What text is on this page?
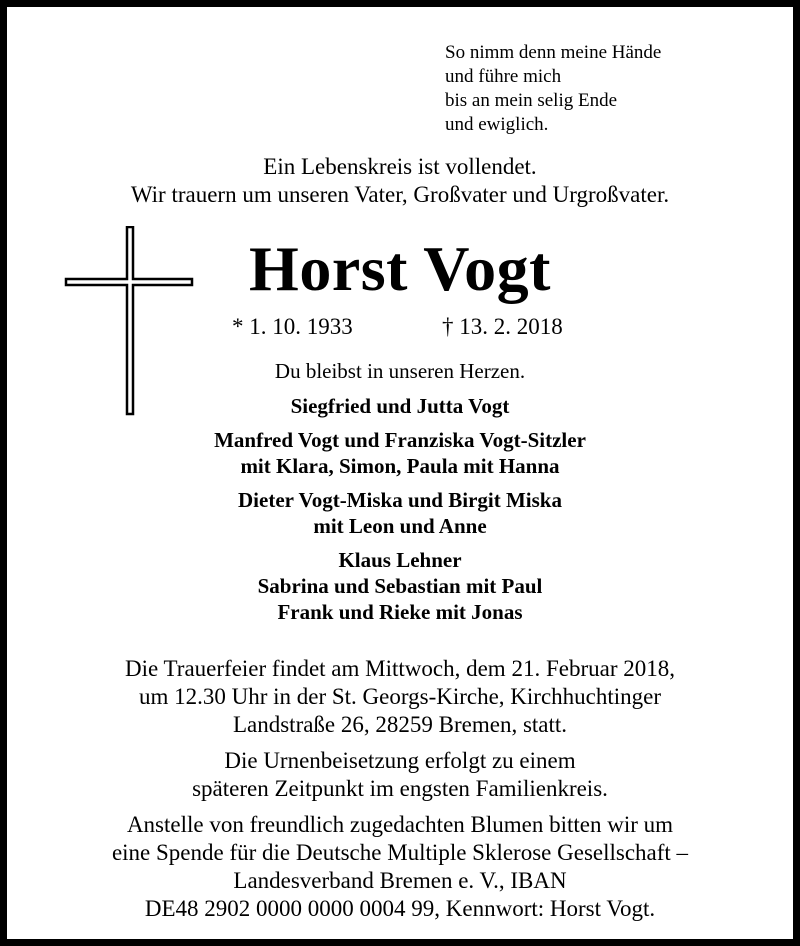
So nimm denn meine Hände
und führe mich
bis an mein selig Ende
und ewiglich.
Ein Lebenskreis ist vollendet.
Wir trauern um unseren Vater, Großvater und Urgroßvater.
Horst Vogt
* 1. 10. 1933	† 13. 2. 2018
Du bleibst in unseren Herzen.
Siegfried und Jutta Vogt
Manfred Vogt und Franziska Vogt-Sitzler
mit Klara, Simon, Paula mit Hanna
Dieter Vogt-Miska und Birgit Miska
mit Leon und Anne
Klaus Lehner
Sabrina und Sebastian mit Paul
Frank und Rieke mit Jonas
Die Trauerfeier findet am Mittwoch, dem 21. Februar 2018,
um 12.30 Uhr in der St. Georgs-Kirche, Kirchhuchtinger
Landstraße 26, 28259 Bremen, statt.
Die Urnenbeisetzung erfolgt zu einem
späteren Zeitpunkt im engsten Familienkreis.
Anstelle von freundlich zugedachten Blumen bitten wir um
eine Spende für die Deutsche Multiple Sklerose Gesellschaft –
Landesverband Bremen e. V., IBAN
DE48 2902 0000 0000 0004 99, Kennwort: Horst Vogt.
